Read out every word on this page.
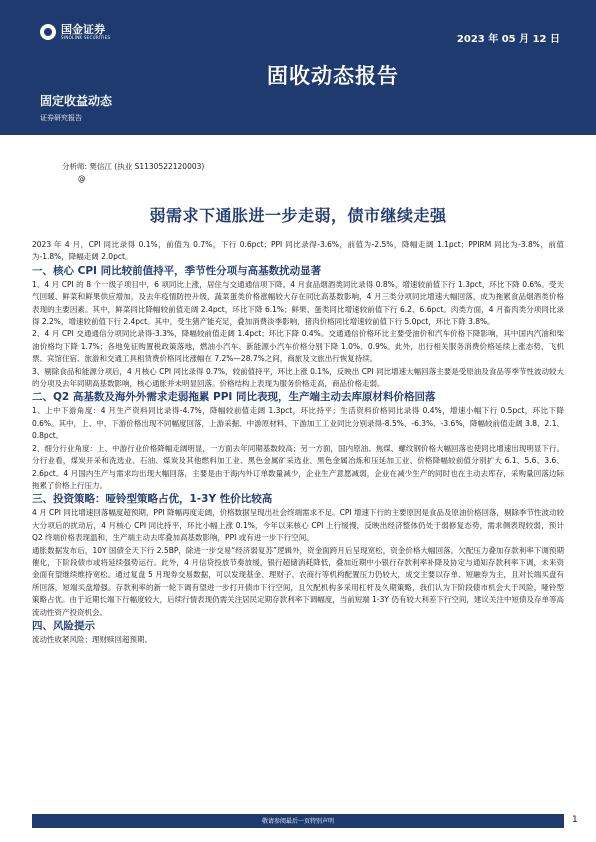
国金证券
SINOLINK SECURITIES	2023 年 05 月 12 日
固收动态报告
固定收益动态
证券研究报告
分析师: 樊信江 (执业 S1130522120003)
@
弱需求下通胀进一步走弱，债市继续走强

2023 年 4 月，CPI 同比录得 0.1%，前值为 0.7%，下行 0.6pct；PPI 同比录得-3.6%，前值为-2.5%，降幅走阔 1.1pct；PPIRM 同比为-3.8%，前值为-1.8%，降幅走阔 2.0pct。

一、核心 CPI 同比较前值持平，季节性分项与高基数扰动显著

1、4 月 CPI 的 8 个一级子项目中，6 项同比上涨，居住与交通通信项下降。4 月食品烟酒类同比录得 0.8%，增速较前值下行 1.3pct，环比下降 0.6%。受天气回暖、鲜菜和鲜果供应增加，及去年疫情防控升级，蔬菜蛋类价格涨幅较大存在同比高基数影响，4 月三类分项同比增速大幅回落，成为拖累食品烟酒类价格表现的主要因素。其中，鲜菜同比降幅较前值走阔 2.4pct，环比下降 6.1%；鲜果、蛋类同比增速较前值下行 6.2、6.6pct。肉类方面，4 月畜肉类分项同比录得 2.2%，增速较前值下行 2.4pct。其中，受生猪产能充足，叠加消费淡季影响，猪肉价格同比增速较前值下行 5.0pct，环比下降 3.8%。

2、4 月 CPI 交通通信分项同比录得-3.3%，降幅较前值走阔 1.4pct；环比下降 0.4%。交通通信价格环比主要受油价和汽车价格下降影响，其中国内汽油和柴油价格均下降 1.7%；各地免征购置税政策落地，燃油小汽车、新能源小汽车价格分别下降 1.0%、0.9%。此外，出行相关服务消费价格延续上涨态势，飞机票、宾馆住宿、旅游和交通工具租赁费价格同比涨幅在 7.2%—28.7%之间，商旅及文旅出行恢复持续。

3、剔除食品和能源分项后，4 月核心 CPI 同比录得 0.7%，较前值持平，环比上涨 0.1%，反映出 CPI 同比增速大幅回落主要是受原油及食品等季节性波动较大的分项及去年同期高基数影响，核心通胀并未明显回落。价格结构上表现为服务价格走高，商品价格走弱。

二、Q2 高基数及海外外需求走弱拖累 PPI 同比表现，生产端主动去库原材料价格回落

1、上中下游角度：4 月生产资料同比录得-4.7%，降幅较前值走阔 1.3pct，环比持平；生活资料价格同比录得 0.4%，增速小幅下行 0.5pct，环比下降 0.6%。其中，上、中、下游价格出现不同幅度回落，上游采掘、中游原材料、下游加工工业同比分别录得-8.5%、-6.3%、-3.6%，降幅较前值走阔 3.8、2.1、0.8pct。

2、细分行业角度：上、中游行业价格降幅走阔明显，一方面去年同期基数较高；另一方面，国内原油、焦煤、螺纹钢价格大幅回落也使同比增速出现明显下行。分行业看，煤炭开采和洗选业、石油、煤炭及其他燃料加工业、黑色金属矿采选业、黑色金属冶炼和压延加工业、价格降幅较前值分别扩大 6.1、5.6、3.6、2.6pct。4 月国内生产与需求均出现大幅回落，主要是由于海内外订单数量减少，企业生产意愿减弱，企业在减少生产的同时也在主动去库存，采购量回落边际拖累了价格上行压力。

三、投资策略：哑铃型策略占优，1-3Y 性价比较高

4 月 CPI 同比增速回落幅度超预期，PPI 降幅再度走阔，价格数据呈现出社会终端需求不足。CPI 增速下行的主要原因是食品及原油价格回落，剔除季节性波动较大分项后的扰动后，4 月核心 CPI 同比持平，环比小幅上涨 0.1%，今年以来核心 CPI 上行缓慢，反映出经济整体仍处于弱修复态势，需求侧表现较弱，预计 Q2 终端价格表现温和，生产端主动去库叠加高基数影响，PPI 或有进一步下行空间。

通胀数据发布后，10Y 国债全天下行 2.5BP，除进一步交易“经济弱复苏”逻辑外，资金面跨月后呈现宽松，资金价格大幅回落，欠配压力叠加存款利率下调预期催化，下阶段债市或将延续强势运行。此外，4 月信贷投放节奏放缓，银行超储消耗降低，叠加近期中小银行存款利率补降及协定与通知存款利率下调，未来资金面有望继续维持宽松。通过复盘 5 月现券交易数据，可以发现基金、理财子、农商行等机构配置压力仍较大，成交主要以存单、短融券为主，且对长端买盘有所回落，短端买盘增强。存款利率的新一轮下调有望进一步打开债市下行空间，且欠配机构多采用杠杆及久期策略，我们认为下阶段债市机会大于风险，哑铃型策略占优。由于近期长端下行幅度较大，后续行情表现仍需关注居民定期存款利率下调幅度，当前短端 1-3Y 仍有较大利差下行空间，建议关注中短债及存单等高流动性资产投资机会。

四、风险提示

流动性收紧风险；理财赎回超预期。

敬请参阅最后一页特别声明	1
